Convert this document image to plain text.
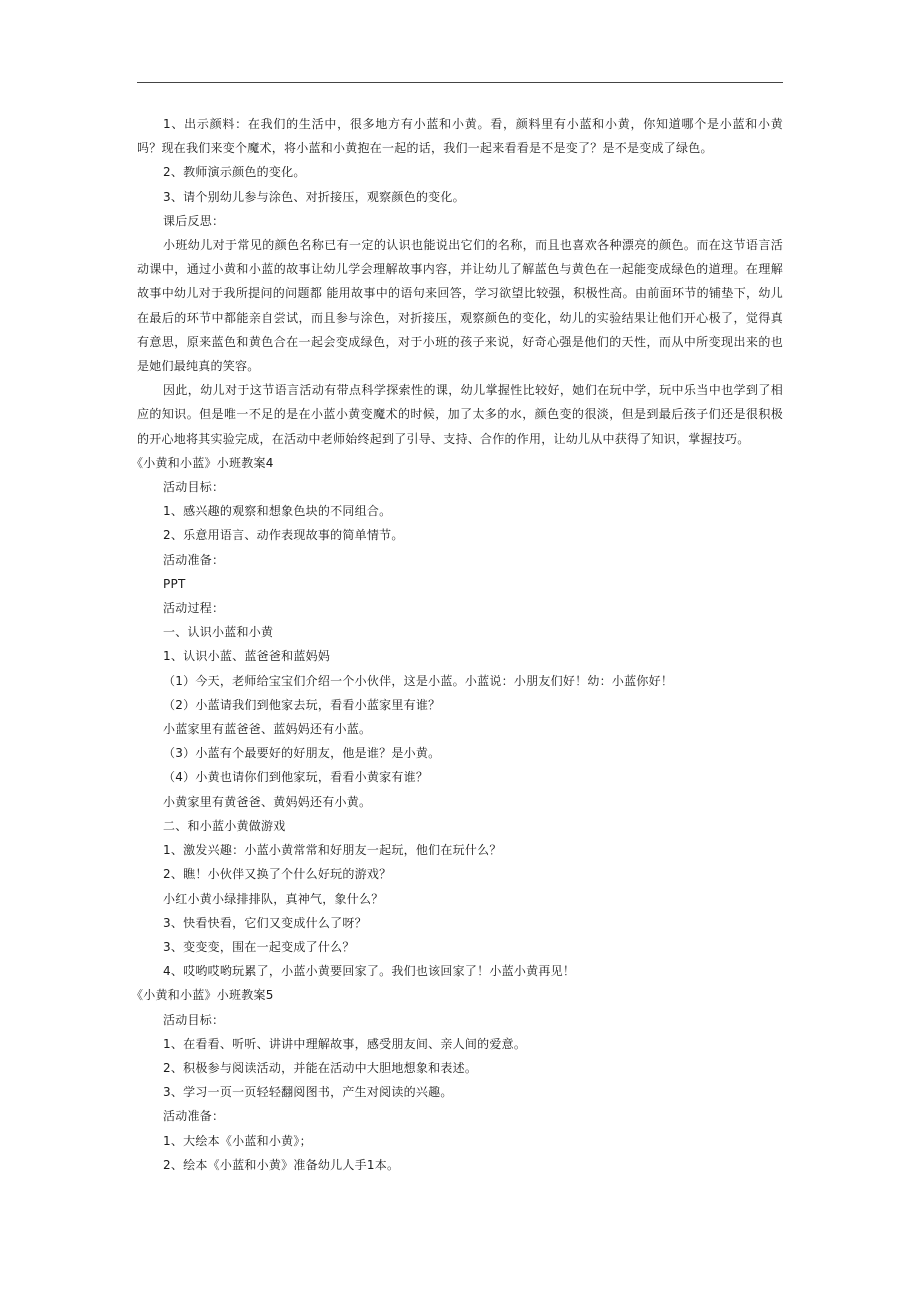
1、出示颜料：在我们的生活中，很多地方有小蓝和小黄。看，颜料里有小蓝和小黄，你知道哪个是小蓝和小黄吗？现在我们来变个魔术，将小蓝和小黄抱在一起的话，我们一起来看看是不是变了？是不是变成了绿色。

2、教师演示颜色的变化。
3、请个别幼儿参与涂色、对折接压，观察颜色的变化。
课后反思：

小班幼儿对于常见的颜色名称已有一定的认识也能说出它们的名称，而且也喜欢各种漂亮的颜色。而在这节语言活动课中，通过小黄和小蓝的故事让幼儿学会理解故事内容，并让幼儿了解蓝色与黄色在一起能变成绿色的道理。在理解故事中幼儿对于我所提问的问题都 能用故事中的语句来回答，学习欲望比较强，积极性高。由前面环节的铺垫下，幼儿在最后的环节中都能亲自尝试，而且参与涂色，对折接压，观察颜色的变化，幼儿的实验结果让他们开心极了，觉得真有意思，原来蓝色和黄色合在一起会变成绿色，对于小班的孩子来说，好奇心强是他们的天性，而从中所变现出来的也是她们最纯真的笑容。

因此，幼儿对于这节语言活动有带点科学探索性的课，幼儿掌握性比较好，她们在玩中学，玩中乐当中也学到了相应的知识。但是唯一不足的是在小蓝小黄变魔术的时候，加了太多的水，颜色变的很淡，但是到最后孩子们还是很积极的开心地将其实验完成，在活动中老师始终起到了引导、支持、合作的作用，让幼儿从中获得了知识，掌握技巧。

《小黄和小蓝》小班教案4
活动目标：
1、感兴趣的观察和想象色块的不同组合。
2、乐意用语言、动作表现故事的简单情节。
活动准备：
PPT
活动过程：
一、认识小蓝和小黄
1、认识小蓝、蓝爸爸和蓝妈妈
（1）今天，老师给宝宝们介绍一个小伙伴，这是小蓝。小蓝说：小朋友们好！幼：小蓝你好！
（2）小蓝请我们到他家去玩，看看小蓝家里有谁？
小蓝家里有蓝爸爸、蓝妈妈还有小蓝。
（3）小蓝有个最要好的好朋友，他是谁？是小黄。
（4）小黄也请你们到他家玩，看看小黄家有谁？
小黄家里有黄爸爸、黄妈妈还有小黄。
二、和小蓝小黄做游戏
1、激发兴趣：小蓝小黄常常和好朋友一起玩，他们在玩什么？
2、瞧！小伙伴又换了个什么好玩的游戏？
小红小黄小绿排排队，真神气，象什么？
3、快看快看，它们又变成什么了呀？
3、变变变，围在一起变成了什么？
4、哎哟哎哟玩累了，小蓝小黄要回家了。我们也该回家了！小蓝小黄再见！
《小黄和小蓝》小班教案5
活动目标：
1、在看看、听听、讲讲中理解故事，感受朋友间、亲人间的爱意。
2、积极参与阅读活动，并能在活动中大胆地想象和表述。
3、学习一页一页轻轻翻阅图书，产生对阅读的兴趣。
活动准备：
1、大绘本《小蓝和小黄》；
2、绘本《小蓝和小黄》准备幼儿人手1本。
